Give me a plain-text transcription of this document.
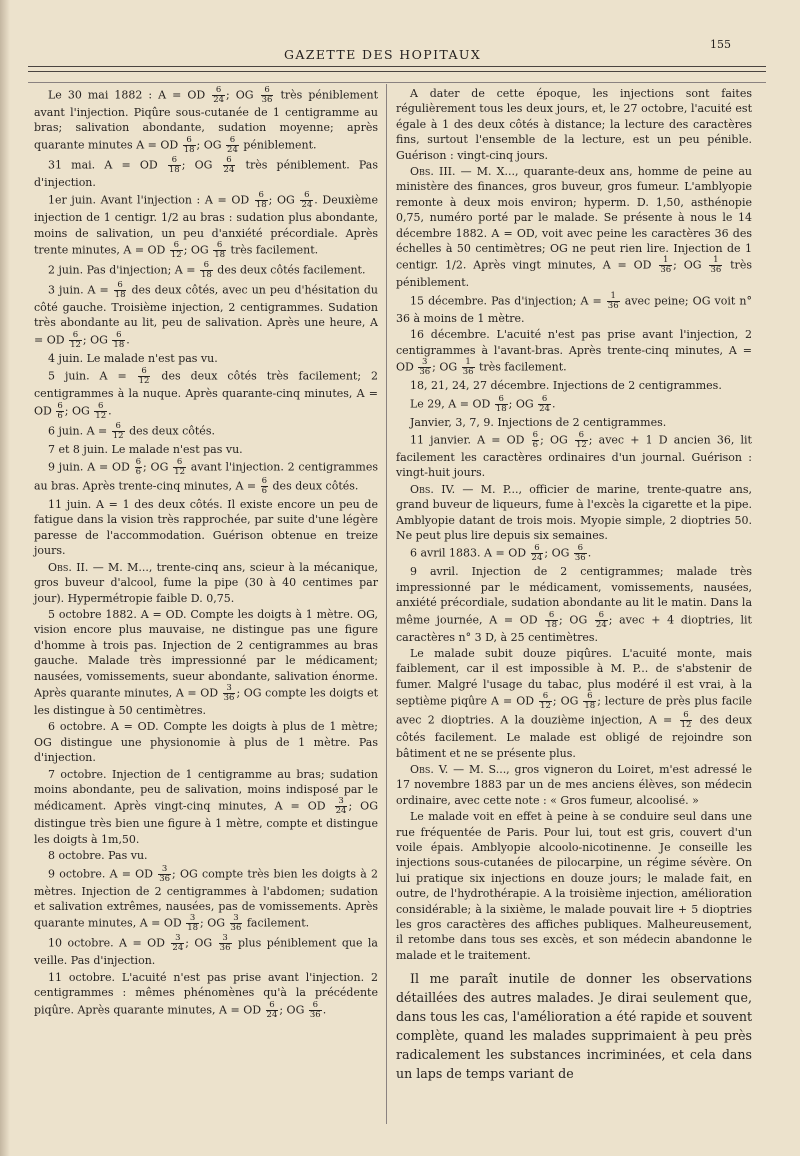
GAZETTE DES HOPITAUX
155

Le 30 mai 1882 : A = OD $\frac{6}{24}$ ; OG $\frac{6}{36}$ très péniblement avant l'injection. Piqûre sous-cutanée de 1 centigramme au bras; salivation abondante, sudation moyenne; après quarante minutes A = OD $\frac{6}{18}$ ; OG $\frac{6}{24}$ péniblement.

31 mai. A = OD $\frac{6}{18}$ ; OG $\frac{6}{24}$ très péniblement. Pas d'injection.

1er juin. Avant l'injection : A = OD $\frac{6}{18}$ ; OG $\frac{6}{24}$ . Deuxième injection de 1 centigr. 1/2 au bras : sudation plus abondante, moins de salivation, un peu d'anxiété précordiale. Après trente minutes, A = OD $\frac{6}{12}$ ; OG $\frac{6}{18}$ très facilement.

2 juin. Pas d'injection; $A = \frac{6}{18}$ des deux côtés facilement.

3 juin. $A = \frac{6}{18}$ des deux côtés, avec un peu d'hésitation du côté gauche. Troisième injection, 2 centigrammes. Sudation très abondante au lit, peu de salivation. Après une heure, A = OD $\frac{6}{12}$ ; OG $\frac{6}{18}$ .

4 juin. Le malade n'est pas vu.

5 juin. $A = \frac{6}{12}$ des deux côtés très facilement; 2 centigrammes à la nuque. Après quarante-cinq minutes, A = OD $\frac{6}{6}$ ; OG $\frac{6}{12}$ .

6 juin. $A = \frac{6}{12}$ des deux côtés.

7 et 8 juin. Le malade n'est pas vu.

9 juin. A = OD $\frac{6}{6}$ ; OG $\frac{6}{12}$ avant l'injection. 2 centigrammes au bras. Après trente-cinq minutes, $A = \frac{6}{6}$ des deux côtés.

11 juin. A = 1 des deux côtés. Il existe encore un peu de fatigue dans la vision très rapprochée, par suite d'une légère paresse de l'accommodation. Guérison obtenue en treize jours.

Obs. II. — M. M..., trente-cinq ans, scieur à la mécanique, gros buveur d'alcool, fume la pipe (30 à 40 centimes par jour). Hypermétropie faible D. 0,75.

5 octobre 1882. A = OD. Compte les doigts à 1 mètre. OG, vision encore plus mauvaise, ne distingue pas une figure d'homme à trois pas. Injection de 2 centigrammes au bras gauche. Malade très impressionné par le médicament; nausées, vomissements, sueur abondante, salivation énorme. Après quarante minutes, A = OD $\frac{3}{36}$ ; OG compte les doigts et les distingue à 50 centimètres.

6 octobre. A = OD. Compte les doigts à plus de 1 mètre; OG distingue une physionomie à plus de 1 mètre. Pas d'injection.

7 octobre. Injection de 1 centigramme au bras; sudation moins abondante, peu de salivation, moins indisposé par le médicament. Après vingt-cinq minutes, A = OD $\frac{3}{24}$ ; OG distingue très bien une figure à 1 mètre, compte et distingue les doigts à 1m,50.

8 octobre. Pas vu.

9 octobre. A = OD $\frac{3}{36}$ ; OG compte très bien les doigts à 2 mètres. Injection de 2 centigrammes à l'abdomen; sudation et salivation extrêmes, nausées, pas de vomissements. Après quarante minutes, A = OD $\frac{3}{18}$ ; OG $\frac{3}{36}$ facilement.

10 octobre. A = OD $\frac{3}{24}$ ; OG $\frac{3}{36}$ plus péniblement que la veille. Pas d'injection.

11 octobre. L'acuité n'est pas prise avant l'injection. 2 centigrammes : mêmes phénomènes qu'à la précédente piqûre. Après quarante minutes, A = OD $\frac{6}{24}$ ; OG $\frac{6}{36}$ .

A dater de cette époque, les injections sont faites régulièrement tous les deux jours, et, le 27 octobre, l'acuité est égale à 1 des deux côtés à distance; la lecture des caractères fins, surtout l'ensemble de la lecture, est un peu pénible. Guérison : vingt-cinq jours.

Obs. III. — M. X..., quarante-deux ans, homme de peine au ministère des finances, gros buveur, gros fumeur. L'amblyopie remonte à deux mois environ; hyperm. D. 1,50, asthénopie 0,75, numéro porté par le malade. Se présente à nous le 14 décembre 1882. A = OD, voit avec peine les caractères 36 des échelles à 50 centimètres; OG ne peut rien lire. Injection de 1 centigr. 1/2. Après vingt minutes, A = OD $\frac{1}{36}$ ; OG $\frac{1}{36}$ très péniblement.

15 décembre. Pas d'injection; $A = \frac{1}{36}$ avec peine; OG voit n° 36 à moins de 1 mètre.

16 décembre. L'acuité n'est pas prise avant l'injection, 2 centigrammes à l'avant-bras. Après trente-cinq minutes, A = OD $\frac{3}{36}$ ; OG $\frac{1}{36}$ très facilement.

18, 21, 24, 27 décembre. Injections de 2 centigrammes.

Le 29, A = OD $\frac{6}{18}$ ; OG $\frac{6}{24}$ .

Janvier, 3, 7, 9. Injections de 2 centigrammes.

11 janvier. A = OD $\frac{6}{6}$ ; OG $\frac{6}{12}$ ; avec + 1 D ancien 36, lit facilement les caractères ordinaires d'un journal. Guérison : vingt-huit jours.

Obs. IV. — M. P..., officier de marine, trente-quatre ans, grand buveur de liqueurs, fume à l'excès la cigarette et la pipe. Amblyopie datant de trois mois. Myopie simple, 2 dioptries 50. Ne peut plus lire depuis six semaines.

6 avril 1883. A = OD $\frac{6}{24}$ ; OG $\frac{6}{36}$ .

9 avril. Injection de 2 centigrammes; malade très impressionné par le médicament, vomissements, nausées, anxiété précordiale, sudation abondante au lit le matin. Dans la même journée, A = OD $\frac{6}{18}$ ; OG $\frac{6}{24}$ ; avec + 4 dioptries, lit caractères n° 3 D, à 25 centimètres.

Le malade subit douze piqûres. L'acuité monte, mais faiblement, car il est impossible à M. P... de s'abstenir de fumer. Malgré l'usage du tabac, plus modéré il est vrai, à la septième piqûre A = OD $\frac{6}{12}$ ; OG $\frac{6}{18}$ ; lecture de près plus facile avec 2 dioptries. A la douzième injection, $A = \frac{6}{12}$ des deux côtés facilement. Le malade est obligé de rejoindre son bâtiment et ne se présente plus.

Obs. V. — M. S..., gros vigneron du Loiret, m'est adressé le 17 novembre 1883 par un de mes anciens élèves, son médecin ordinaire, avec cette note : « Gros fumeur, alcoolisé. »

Le malade voit en effet à peine à se conduire seul dans une rue fréquentée de Paris. Pour lui, tout est gris, couvert d'un voile épais. Amblyopie alcoolo-nicotinenne. Je conseille les injections sous-cutanées de pilocarpine, un régime sévère. On lui pratique six injections en douze jours; le malade fait, en outre, de l'hydrothérapie. A la troisième injection, amélioration considérable; à la sixième, le malade pouvait lire + 5 dioptries les gros caractères des affiches publiques. Malheureusement, il retombe dans tous ses excès, et son médecin abandonne le malade et le traitement.

Il me paraît inutile de donner les observations détaillées des autres malades. Je dirai seulement que, dans tous les cas, l'amélioration a été rapide et souvent complète, quand les malades supprimaient à peu près radicalement les substances incriminées, et cela dans un laps de temps variant de
